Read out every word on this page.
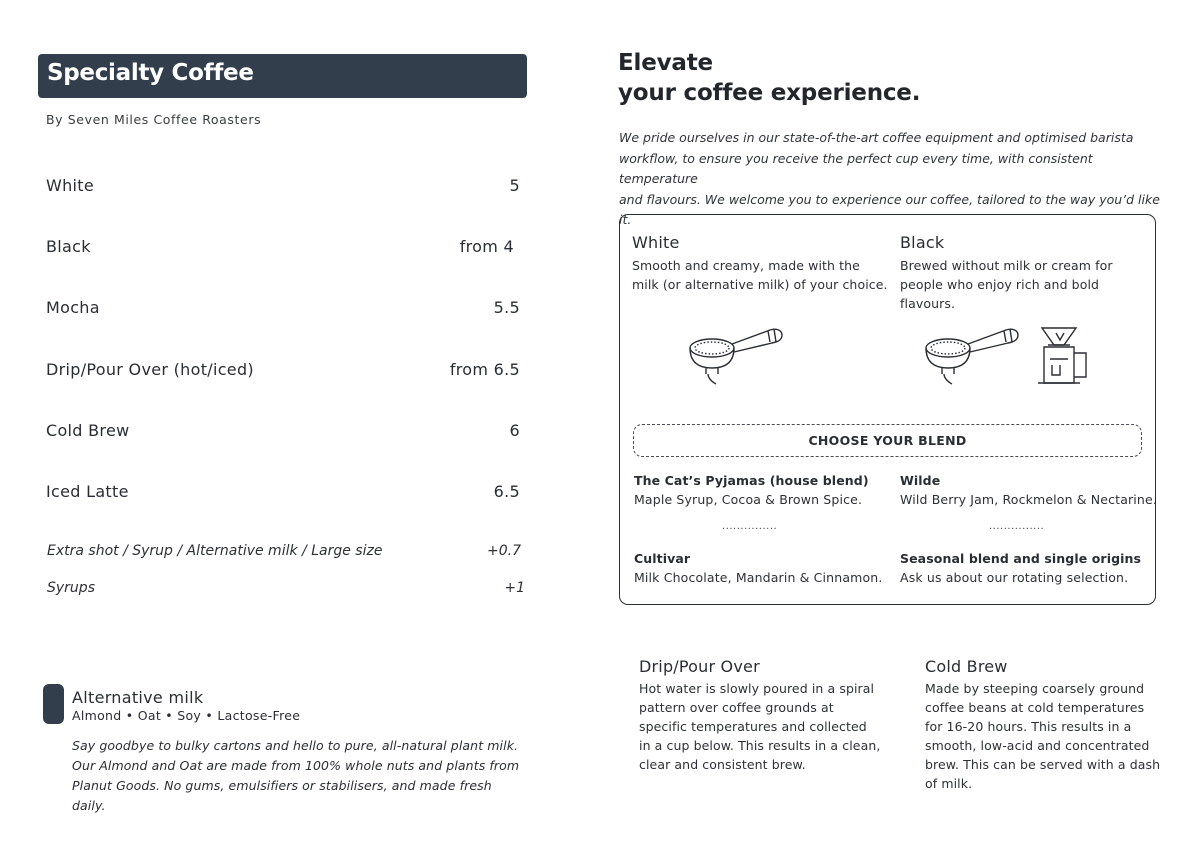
Specialty Coffee
By Seven Miles Coffee Roasters
White	5
Black	from 4
Mocha	5.5
Drip/Pour Over (hot/iced)	from 6.5
Cold Brew	6
Iced Latte	6.5
Extra shot / Syrup / Alternative milk / Large size	+0.7
Syrups	+1
Alternative milk
Almond • Oat • Soy • Lactose-Free
Say goodbye to bulky cartons and hello to pure, all-natural plant milk.
Our Almond and Oat are made from 100% whole nuts and plants from
Planut Goods. No gums, emulsifiers or stabilisers, and made fresh daily.
Elevate
your coffee experience.
We pride ourselves in our state-of-the-art coffee equipment and optimised barista
workflow, to ensure you receive the perfect cup every time, with consistent temperature
and flavours. We welcome you to experience our coffee, tailored to the way you’d like it.
White
Smooth and creamy, made with the
milk (or alternative milk) of your choice.
Black
Brewed without milk or cream for
people who enjoy rich and bold
flavours.
CHOOSE YOUR BLEND
The Cat’s Pyjamas (house blend)
Maple Syrup, Cocoa & Brown Spice.
Wilde
Wild Berry Jam, Rockmelon & Nectarine.
...............	...............
Cultivar
Milk Chocolate, Mandarin & Cinnamon.
Seasonal blend and single origins
Ask us about our rotating selection.
Drip/Pour Over
Hot water is slowly poured in a spiral
pattern over coffee grounds at
specific temperatures and collected
in a cup below. This results in a clean,
clear and consistent brew.
Cold Brew
Made by steeping coarsely ground
coffee beans at cold temperatures
for 16-20 hours. This results in a
smooth, low-acid and concentrated
brew. This can be served with a dash
of milk.
